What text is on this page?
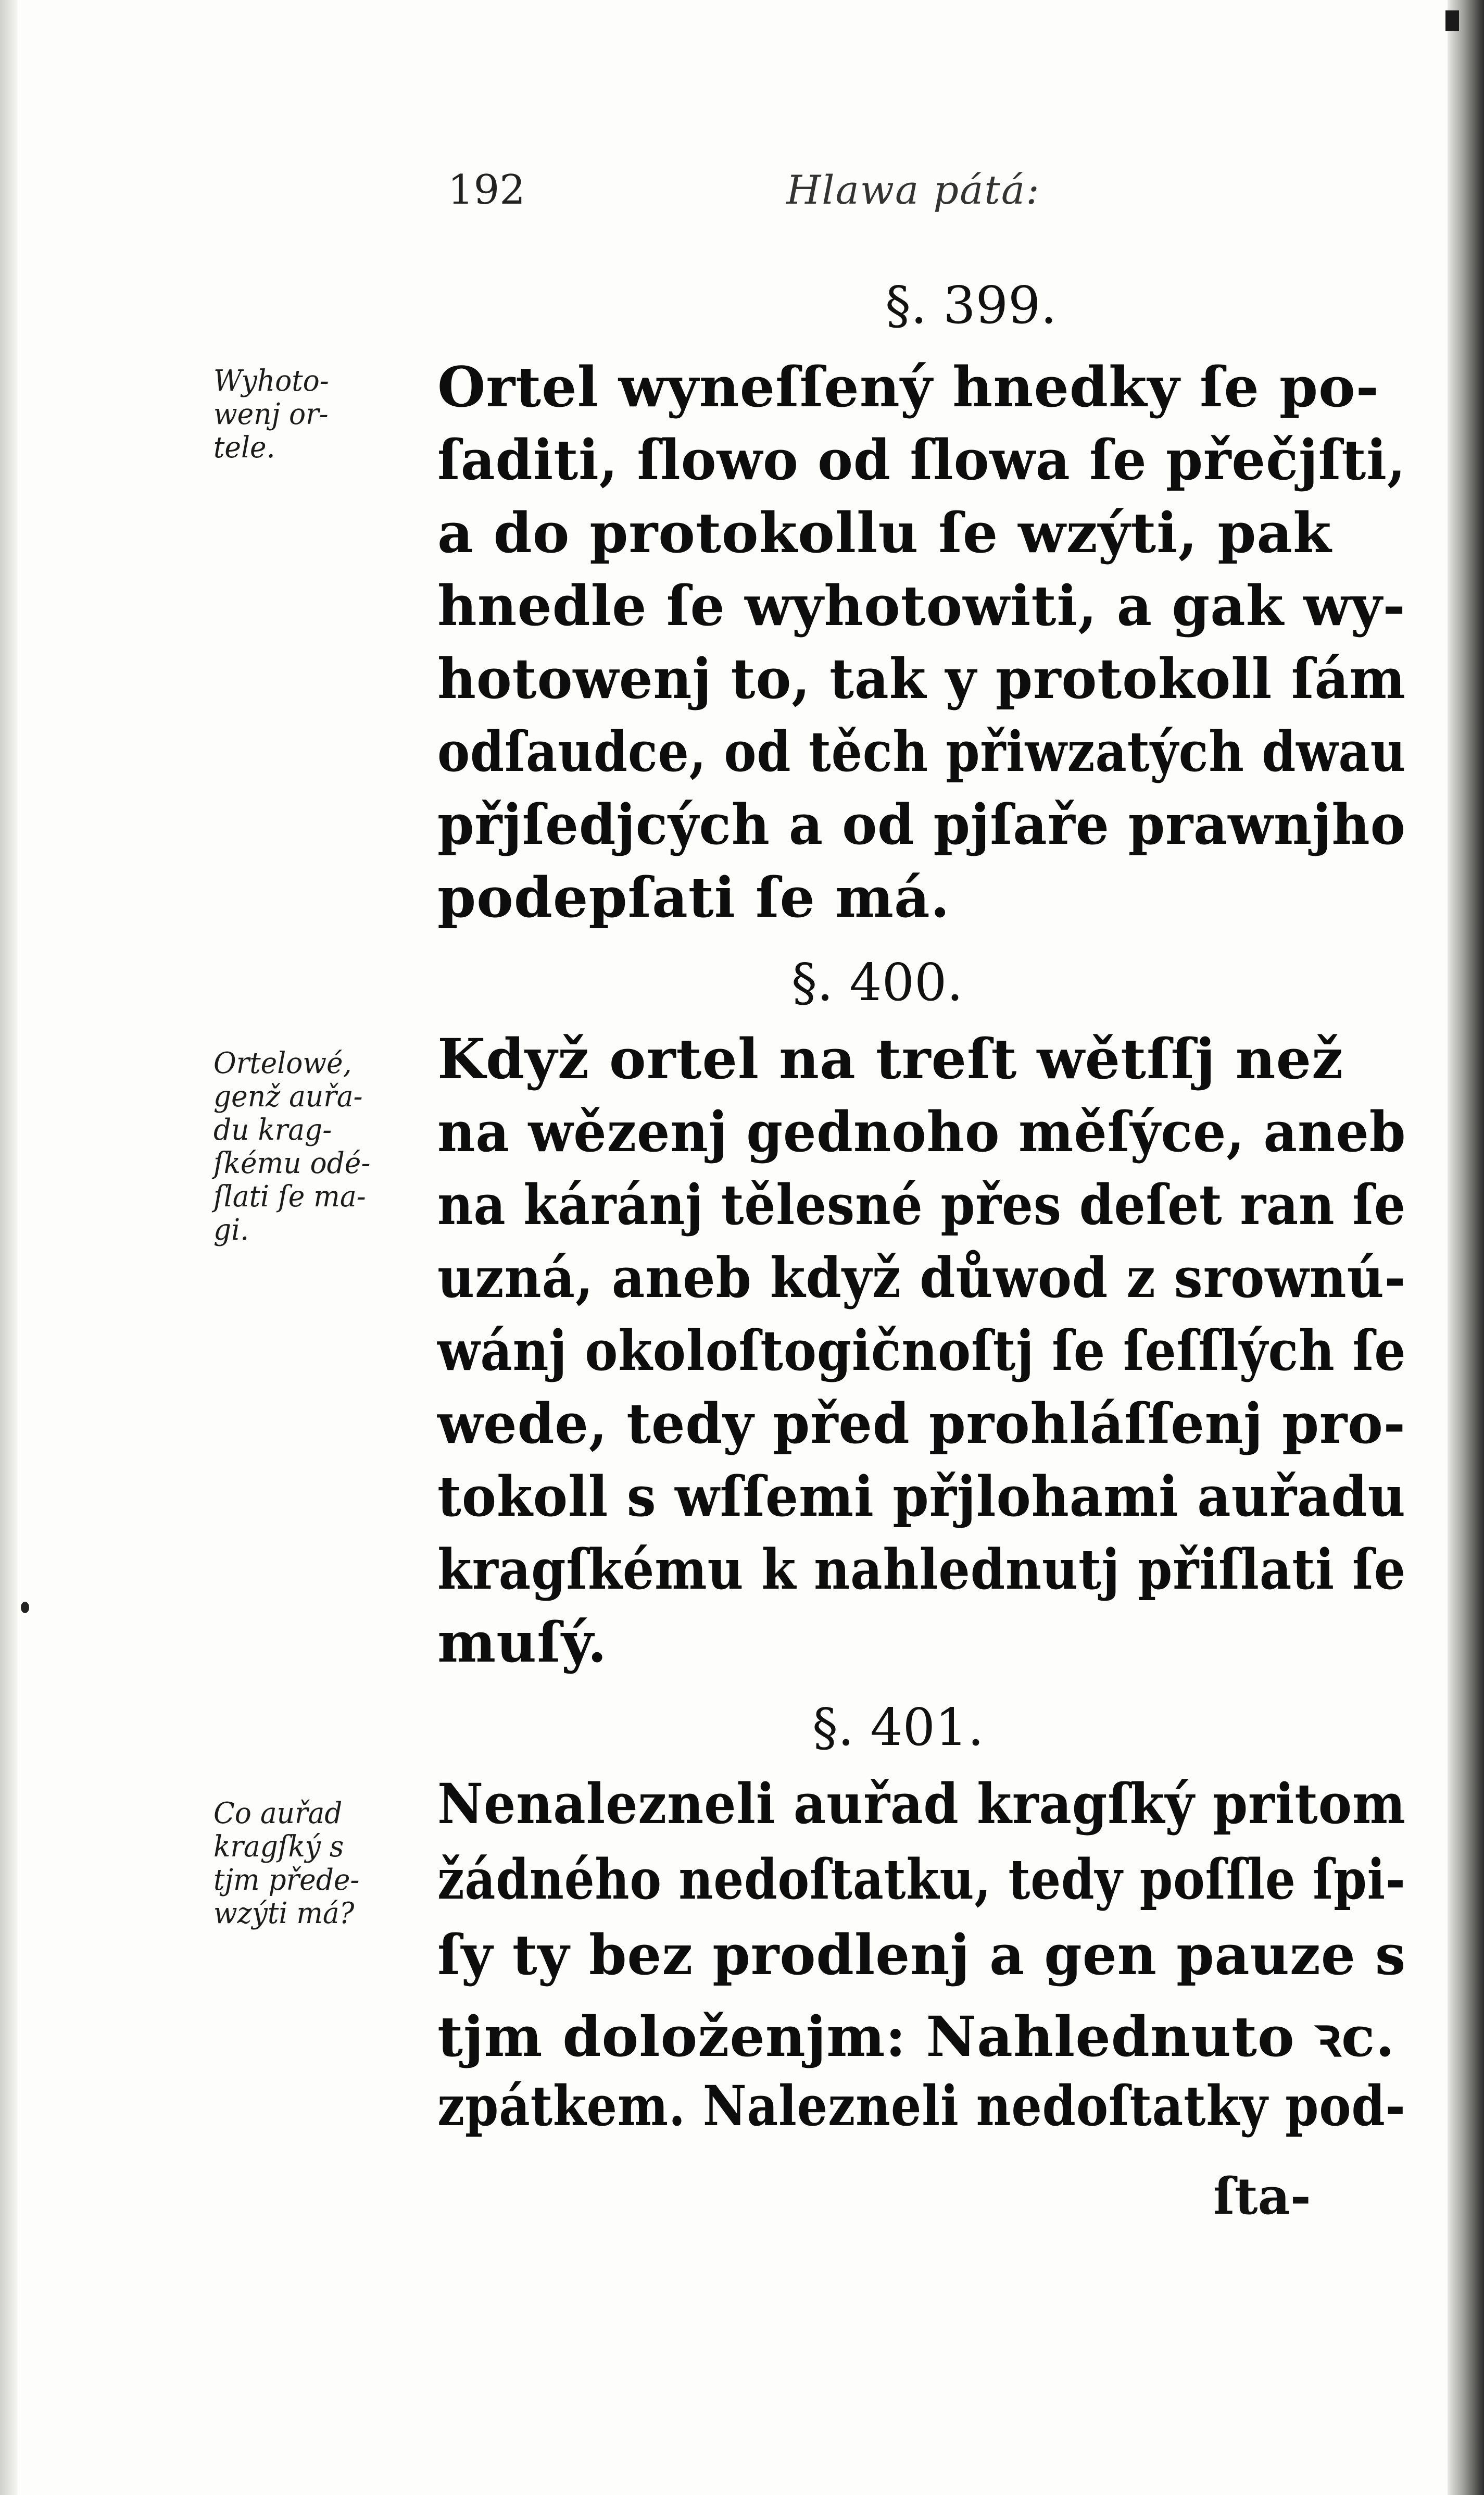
192	Hlawa pátá:
§. 399.
Wyhoto-
wenj or-
tele.
Ortel wyneſſený hnedky ſe po-
ſaditi, ſlowo od ſlowa ſe přečjſti,
a do protokollu ſe wzýti, pak
hnedle ſe wyhotowiti, a gak wy-
hotowenj to, tak y protokoll ſám
odſaudce, od těch přiwzatých dwau
přjſedjcých a od pjſaře prawnjho
podepſati ſe má.
§. 400.
Ortelowé,
genž auřa-
du krag-
ſkému odé-
ſlati ſe ma-
gi.
Když ortel na treſt wětſſj než
na wězenj gednoho měſýce, aneb
na káránj tělesné přes deſet ran ſe
uzná, aneb když důwod z srownú-
wánj okoloſtogičnoſtj ſe ſeſſlých ſe
wede, tedy před prohláſſenj pro-
tokoll s wſſemi přjlohami auřadu
kragſkému k nahlednutj přiſlati ſe
muſý.
§. 401.
Co auřad
kragſký s
tjm přede-
wzýti má?
Nenalezneli auřad kragſký pritom
žádného nedoſtatku, tedy poſſle ſpi-
ſy ty bez prodlenj a gen pauze s
tjm doloženjm: Nahlednuto ꝛc.
zpátkem. Nalezneli nedoſtatky pod-
ſta-
